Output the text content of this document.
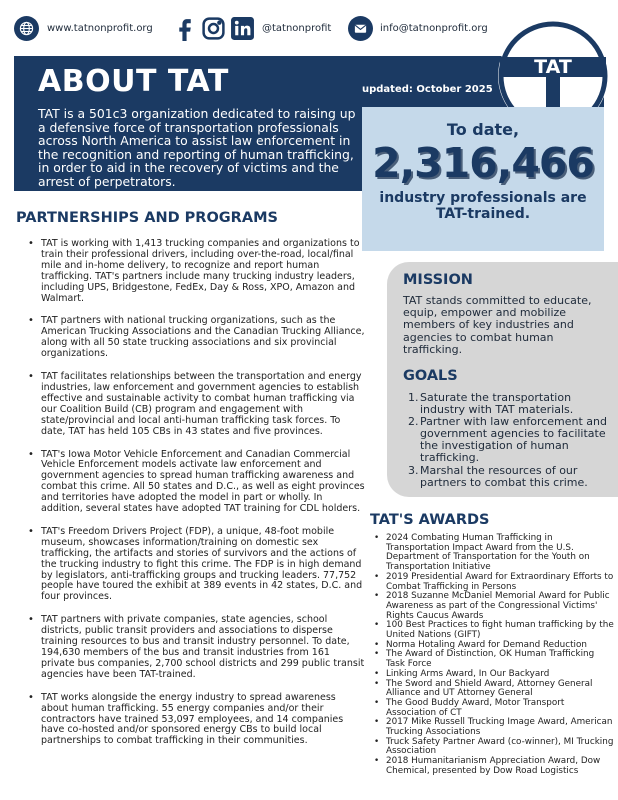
www.tatnonprofit.org	@tatnonprofit	info@tatnonprofit.org
ABOUT TAT	updated: October 2025

TAT is a 501c3 organization dedicated to raising up a defensive force of transportation professionals across North America to assist law enforcement in the recognition and reporting of human trafficking, in order to aid in the recovery of victims and the arrest of perpetrators.

TAT
To date,
2,316,466
industry professionals are TAT-trained.
PARTNERSHIPS AND PROGRAMS
• TAT is working with 1,413 trucking companies and organizations to train their professional drivers, including over-the-road, local/final mile and in-home delivery, to recognize and report human trafficking. TAT's partners include many trucking industry leaders, including UPS, Bridgestone, FedEx, Day & Ross, XPO, Amazon and Walmart.
• TAT partners with national trucking organizations, such as the American Trucking Associations and the Canadian Trucking Alliance, along with all 50 state trucking associations and six provincial organizations.
• TAT facilitates relationships between the transportation and energy industries, law enforcement and government agencies to establish effective and sustainable activity to combat human trafficking via our Coalition Build (CB) program and engagement with state/provincial and local anti-human trafficking task forces. To date, TAT has held 105 CBs in 43 states and five provinces.
• TAT's Iowa Motor Vehicle Enforcement and Canadian Commercial Vehicle Enforcement models activate law enforcement and government agencies to spread human trafficking awareness and combat this crime. All 50 states and D.C., as well as eight provinces and territories have adopted the model in part or wholly. In addition, several states have adopted TAT training for CDL holders.
• TAT's Freedom Drivers Project (FDP), a unique, 48-foot mobile museum, showcases information/training on domestic sex trafficking, the artifacts and stories of survivors and the actions of the trucking industry to fight this crime. The FDP is in high demand by legislators, anti-trafficking groups and trucking leaders. 77,752 people have toured the exhibit at 389 events in 42 states, D.C. and four provinces.
• TAT partners with private companies, state agencies, school districts, public transit providers and associations to disperse training resources to bus and transit industry personnel. To date, 194,630 members of the bus and transit industries from 161 private bus companies, 2,700 school districts and 299 public transit agencies have been TAT-trained.
• TAT works alongside the energy industry to spread awareness about human trafficking. 55 energy companies and/or their contractors have trained 53,097 employees, and 14 companies have co-hosted and/or sponsored energy CBs to build local partnerships to combat trafficking in their communities.
MISSION
GOALS

TAT stands committed to educate, equip, empower and mobilize members of key industries and agencies to combat human trafficking.

1. Saturate the transportation industry with TAT materials.
2. Partner with law enforcement and government agencies to facilitate the investigation of human trafficking.
3. Marshal the resources of our partners to combat this crime.
TAT'S AWARDS
• 2024 Combating Human Trafficking in Transportation Impact Award from the U.S. Department of Transportation for the Youth on Transportation Initiative
• 2019 Presidential Award for Extraordinary Efforts to Combat Trafficking in Persons
• 2018 Suzanne McDaniel Memorial Award for Public Awareness as part of the Congressional Victims' Rights Caucus Awards
• 100 Best Practices to fight human trafficking by the United Nations (GIFT)
• Norma Hotaling Award for Demand Reduction
• The Award of Distinction, OK Human Trafficking Task Force
• Linking Arms Award, In Our Backyard
• The Sword and Shield Award, Attorney General Alliance and UT Attorney General
• The Good Buddy Award, Motor Transport Association of CT
• 2017 Mike Russell Trucking Image Award, American Trucking Associations
• Truck Safety Partner Award (co-winner), MI Trucking Association
• 2018 Humanitarianism Appreciation Award, Dow Chemical, presented by Dow Road Logistics
